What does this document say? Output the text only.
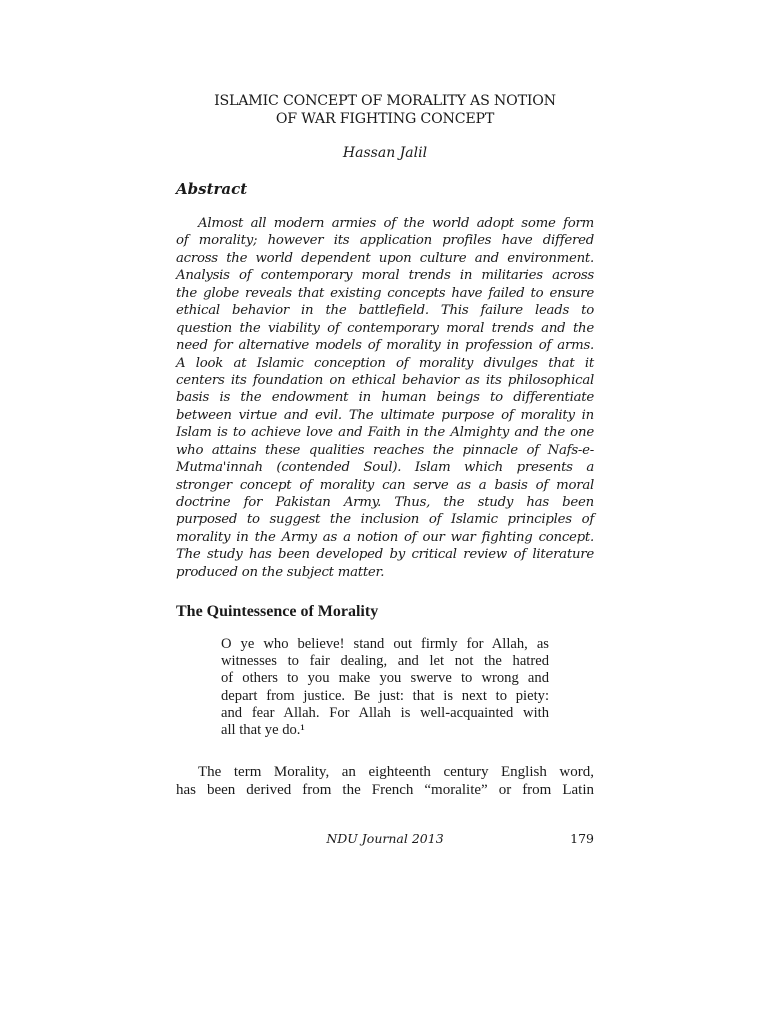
ISLAMIC CONCEPT OF MORALITY AS NOTION
OF WAR FIGHTING CONCEPT
Hassan Jalil
Abstract
Almost all modern armies of the world adopt some form
of morality; however its application profiles have differed
across the world dependent upon culture and environment.
Analysis of contemporary moral trends in militaries across
the globe reveals that existing concepts have failed to ensure
ethical behavior in the battlefield. This failure leads to
question the viability of contemporary moral trends and the
need for alternative models of morality in profession of arms.
A look at Islamic conception of morality divulges that it
centers its foundation on ethical behavior as its philosophical
basis is the endowment in human beings to differentiate
between virtue and evil. The ultimate purpose of morality in
Islam is to achieve love and Faith in the Almighty and the one
who attains these qualities reaches the pinnacle of Nafs-e-
Mutma'innah (contended Soul). Islam which presents a
stronger concept of morality can serve as a basis of moral
doctrine for Pakistan Army. Thus, the study has been
purposed to suggest the inclusion of Islamic principles of
morality in the Army as a notion of our war fighting concept.
The study has been developed by critical review of literature
produced on the subject matter.
The Quintessence of Morality
O ye who believe! stand out firmly for Allah, as
witnesses to fair dealing, and let not the hatred
of others to you make you swerve to wrong and
depart from justice. Be just: that is next to piety:
and fear Allah. For Allah is well-acquainted with
all that ye do.¹
The term Morality, an eighteenth century English word,
has been derived from the French “moralite” or from Latin
NDU Journal 2013	179
